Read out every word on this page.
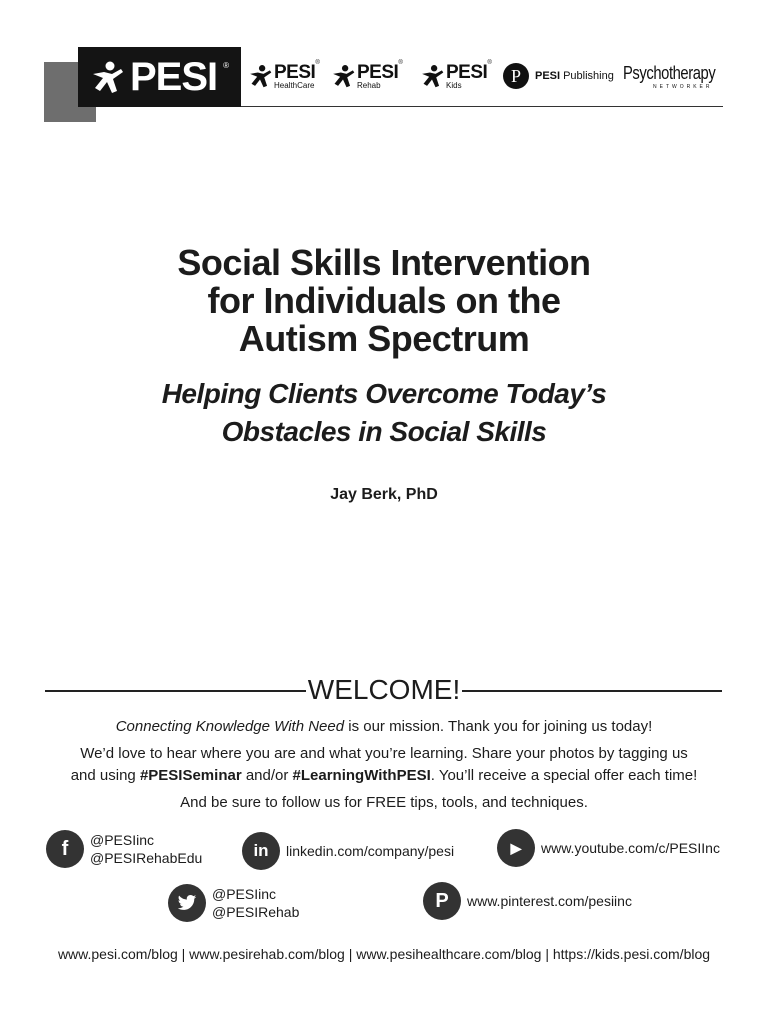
PESI ® PESI
HealthCare
® PESI
Rehab
® PESI
Kids
®
P	PESI Publishing Psychotherapy
NETWORKER
Social Skills Intervention
for Individuals on the
Autism Spectrum
Helping Clients Overcome Today’s
Obstacles in Social Skills
Jay Berk, PhD
WELCOME!
Connecting Knowledge With Need is our mission. Thank you for joining us today!
We’d love to hear where you are and what you’re learning. Share your photos by tagging us
and using #PESISeminar and/or #LearningWithPESI. You’ll receive a special offer each time!
And be sure to follow us for FREE tips, tools, and techniques.
f	@PESIinc
@PESIRehabEdu	in	linkedin.com/company/pesi	▶	www.youtube.com/c/PESIInc
@PESIinc
@PESIRehab
P	www.pinterest.com/pesiinc
www.pesi.com/blog | www.pesirehab.com/blog | www.pesihealthcare.com/blog | https://kids.pesi.com/blog
